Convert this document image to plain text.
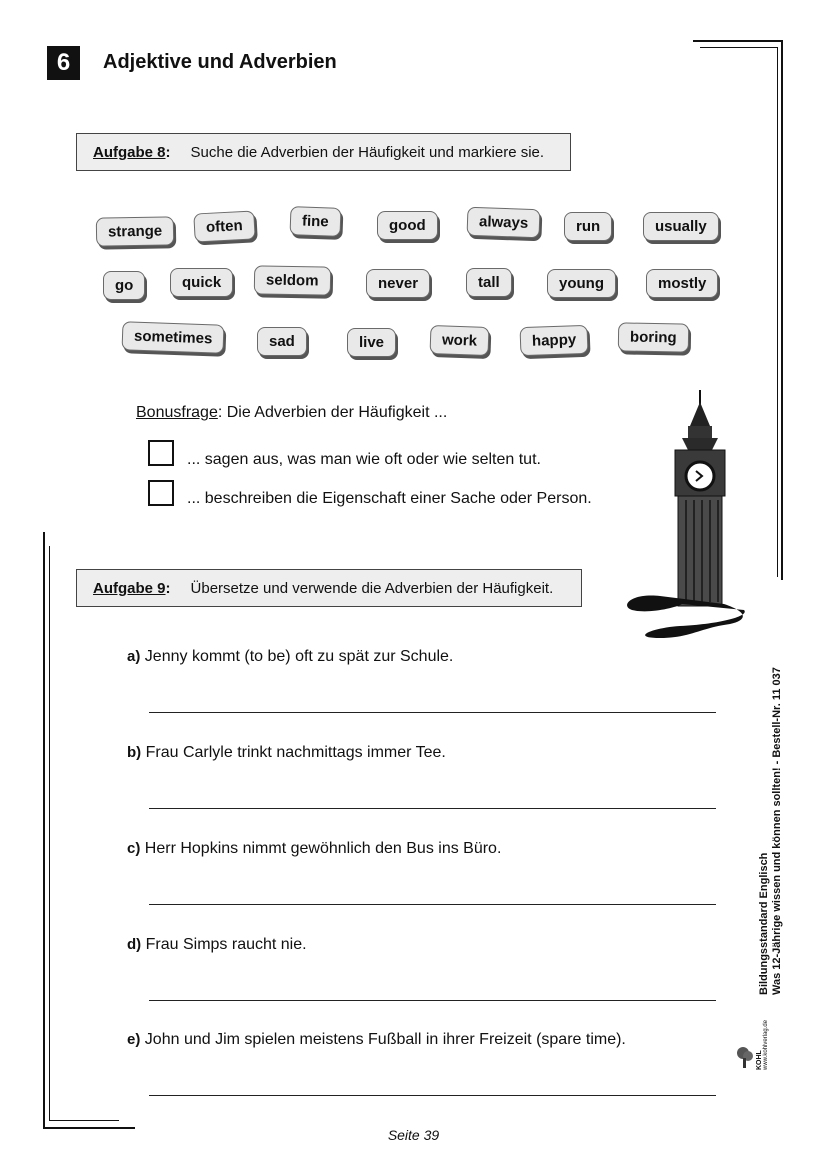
6	Adjektive und Adverbien
Aufgabe 8 : Suche die Adverbien der Häufigkeit und markiere sie.
strange	often	fine	good	always	run	usually
go	quick	seldom	never	tall	young	mostly
sometimes	sad	live	work	happy	boring
Bonusfrage: Die Adverbien der Häufigkeit ...
... sagen aus, was man wie oft oder wie selten tut.
... beschreiben die Eigenschaft einer Sache oder Person.
Aufgabe 9 : Übersetze und verwende die Adverbien der Häufigkeit.
a) Jenny kommt (to be) oft zu spät zur Schule.
b) Frau Carlyle trinkt nachmittags immer Tee.
c) Herr Hopkins nimmt gewöhnlich den Bus ins Büro.
d) Frau Simps raucht nie.
e) John und Jim spielen meistens Fußball in ihrer Freizeit (spare time).
Bildungsstandard Englisch Was 12-Jährige wissen und können sollten! - Bestell-Nr. 11 037
KOHL www.kohlverlag.de
Seite 39
